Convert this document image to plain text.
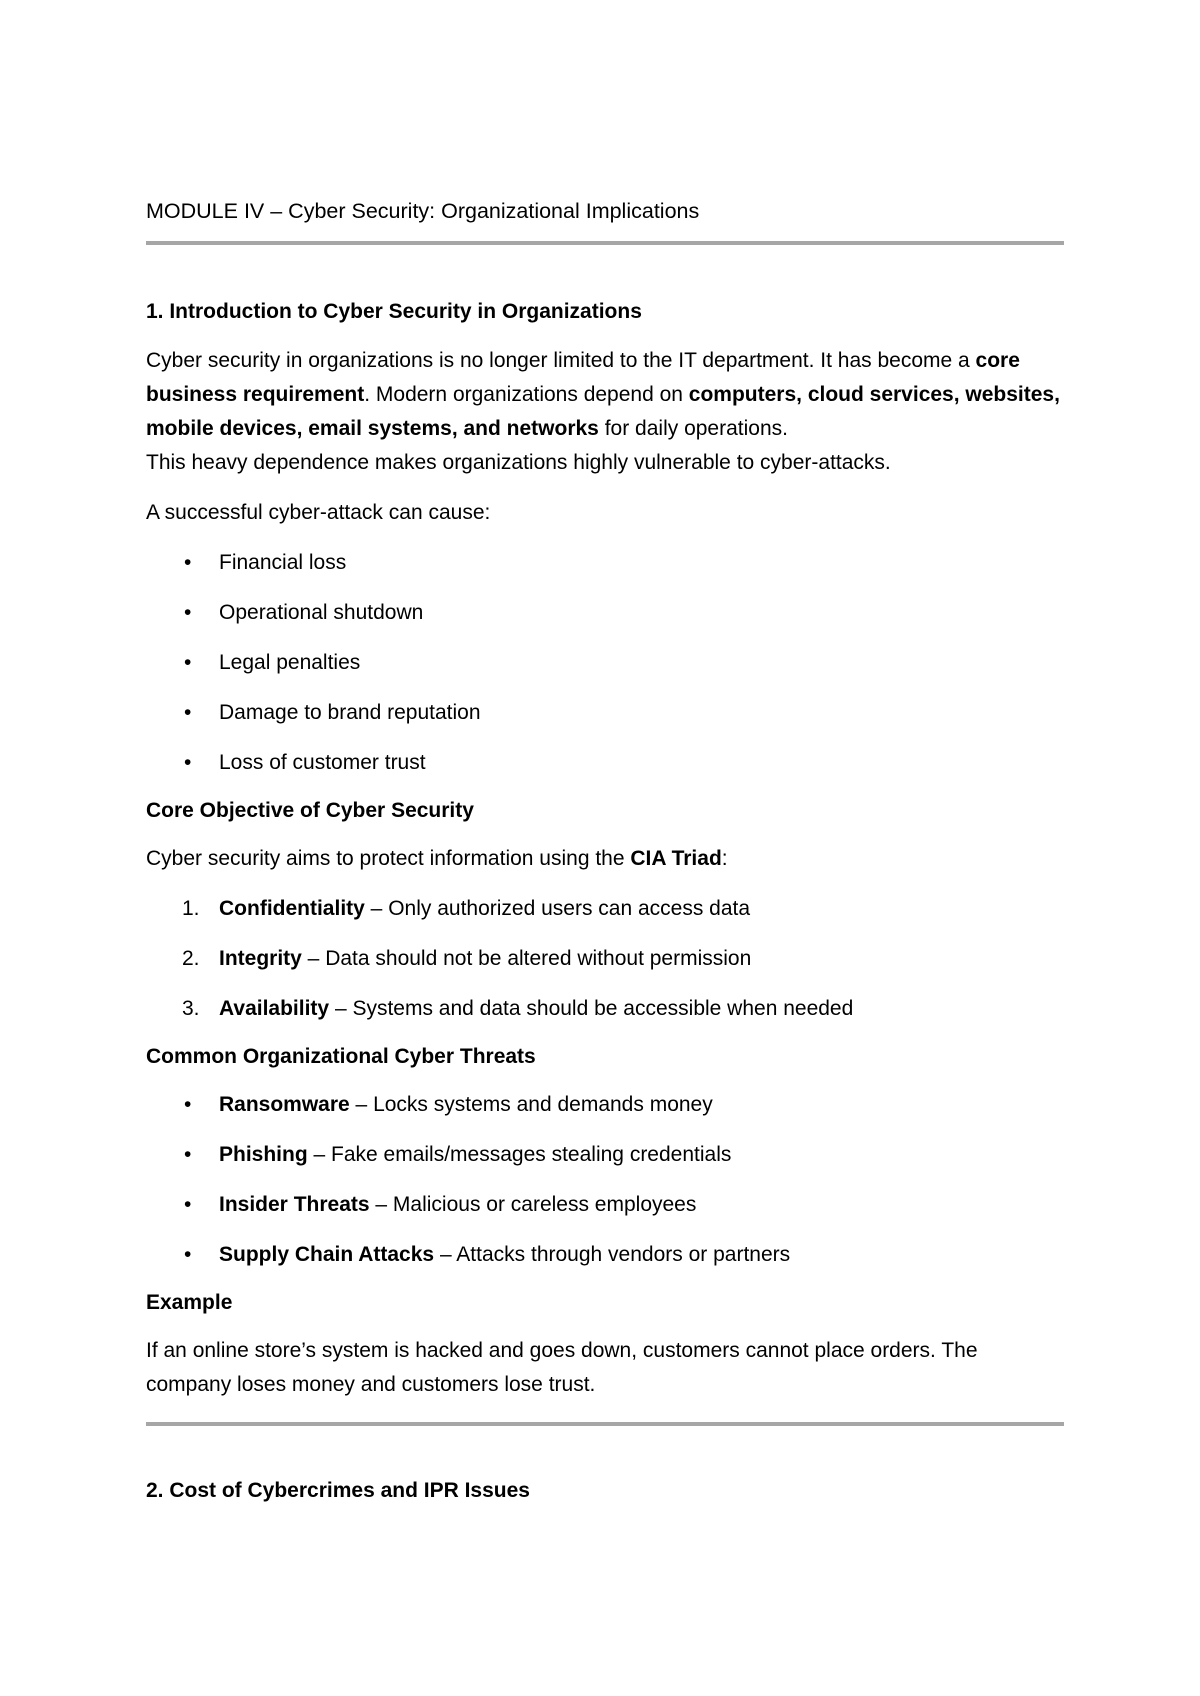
MODULE IV – Cyber Security: Organizational Implications
1. Introduction to Cyber Security in Organizations
Cyber security in organizations is no longer limited to the IT department. It has become a core business requirement. Modern organizations depend on computers, cloud services, websites, mobile devices, email systems, and networks for daily operations.
This heavy dependence makes organizations highly vulnerable to cyber-attacks.
A successful cyber-attack can cause:
•	Financial loss
•	Operational shutdown
•	Legal penalties
•	Damage to brand reputation
•	Loss of customer trust
Core Objective of Cyber Security
Cyber security aims to protect information using the CIA Triad:
1. Confidentiality – Only authorized users can access data
2. Integrity – Data should not be altered without permission
3. Availability – Systems and data should be accessible when needed
Common Organizational Cyber Threats
•	Ransomware – Locks systems and demands money
•	Phishing – Fake emails/messages stealing credentials
•	Insider Threats – Malicious or careless employees
•	Supply Chain Attacks – Attacks through vendors or partners
Example
If an online store’s system is hacked and goes down, customers cannot place orders. The company loses money and customers lose trust.
2. Cost of Cybercrimes and IPR Issues
